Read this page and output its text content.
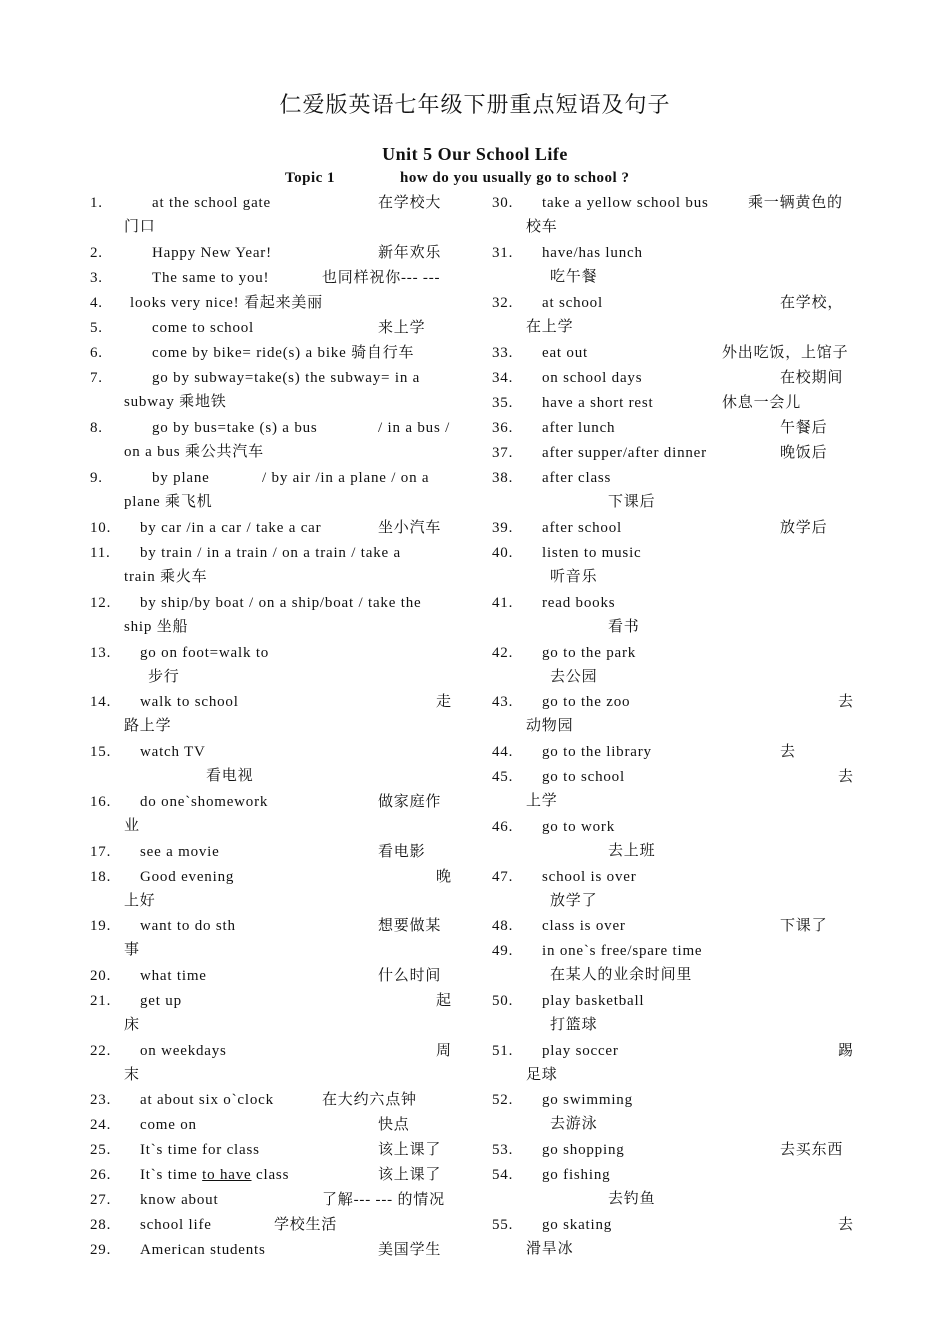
仁爱版英语七年级下册重点短语及句子
Unit 5 Our School Life
Topic 1	how do you usually go to school ?
1.	at the school gate	在学校大
门口
2.	Happy New Year!	新年欢乐
3.	The same to you!	也同样祝你--- ---
4. looks very nice! 看起来美丽
5.	come to school	来上学
6.	come by bike= ride(s) a bike 骑自行车
7.	go by subway=take(s) the subway= in a
subway 乘地铁
8.	go by bus=take (s) a bus	/ in a bus /
on a bus 乘公共汽车
9.	by plane	/ by air /in a plane / on a
plane 乘飞机
10. by car /in a car / take a car	坐小汽车
11. by train / in a train / on a train / take a
train 乘火车
12. by ship/by boat / on a ship/boat / take the
ship 坐船
13. go on foot=walk to
步行
14. walk to school	走
路上学
15. watch TV
看电视
16. do one`shomework	做家庭作
业
17. see a movie	看电影
18. Good evening	晚
上好
19. want to do sth	想要做某
事
20. what time	什么时间
21. get up	起
床
22. on weekdays	周
末
23. at about six o`clock	在大约六点钟
24. come on	快点
25. It`s time for class	该上课了
26. It`s time to have class	该上课了
27. know about	了解--- --- 的情况
28. school life	学校生活
29. American students	美国学生
30. take a yellow school bus	乘一辆黄色的
校车
31. have/has lunch
吃午餐
32. at school	在学校，
在上学
33. eat out	外出吃饭，上馆子
34. on school days	在校期间
35. have a short rest	休息一会儿
36. after lunch	午餐后
37. after supper/after dinner	晚饭后
38. after class
下课后
39. after school	放学后
40. listen to music
听音乐
41. read books
看书
42. go to the park
去公园
43. go to the zoo	去
动物园
44. go to the library	去
45. go to school	去
上学
46. go to work
去上班
47. school is over
放学了
48. class is over	下课了
49. in one`s free/spare time
在某人的业余时间里
50. play basketball
打篮球
51. play soccer	踢
足球
52. go swimming
去游泳
53. go shopping	去买东西
54. go fishing
去钓鱼
55. go skating	去
滑旱冰
